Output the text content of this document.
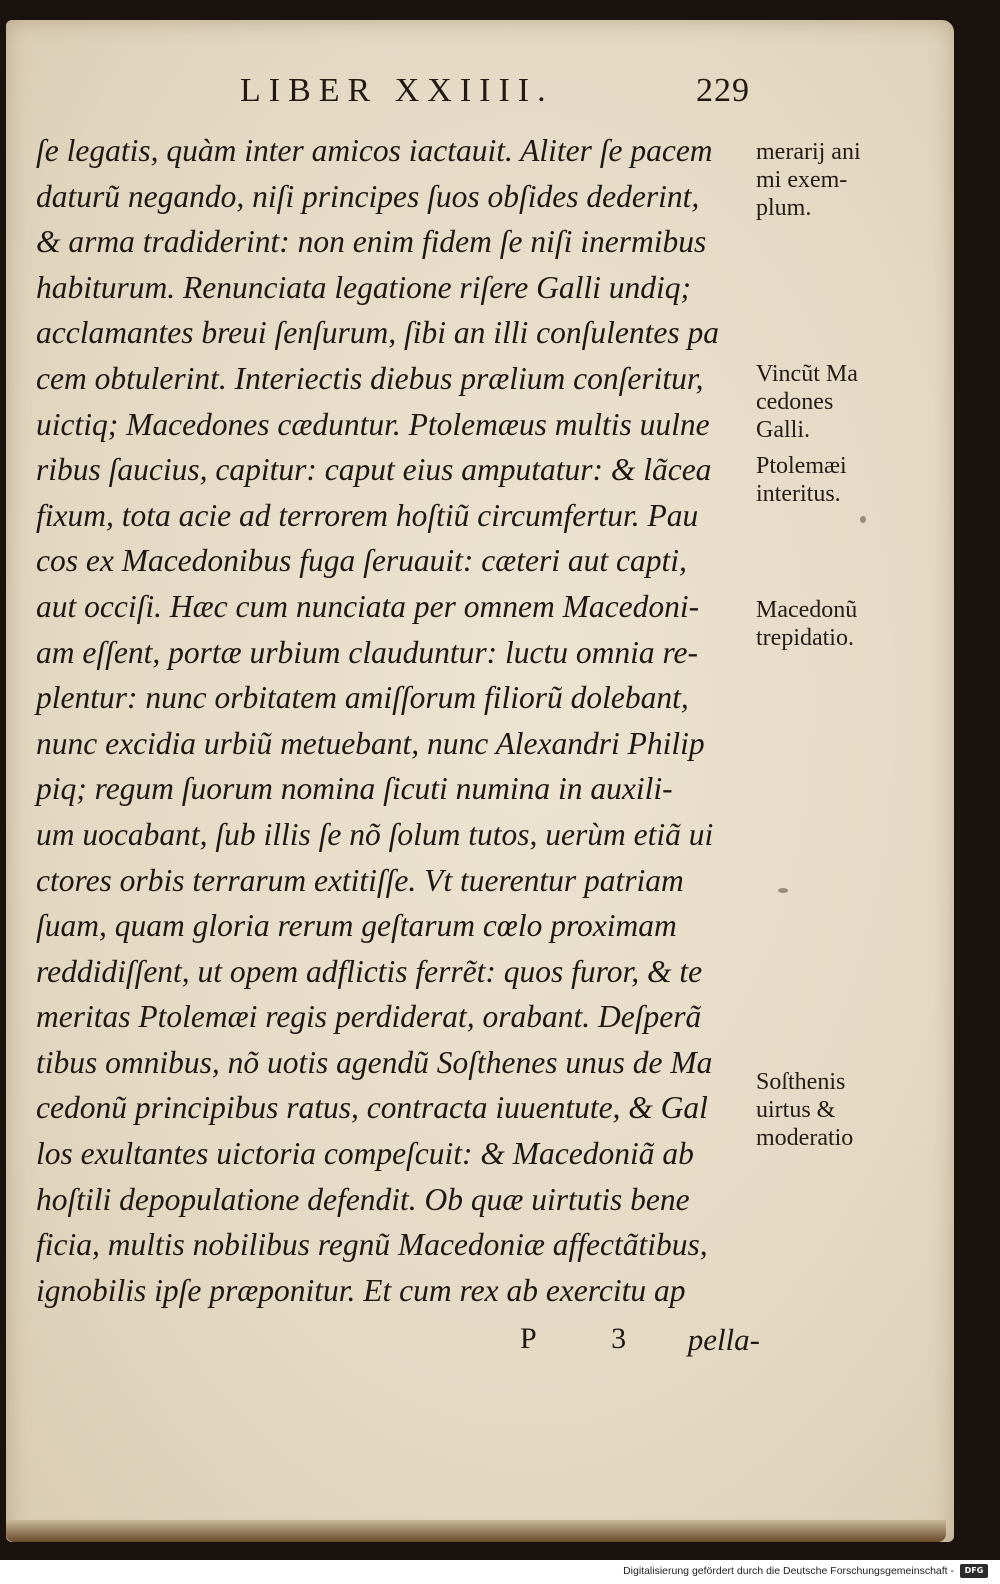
LIBER XXIIII.	229
ſe legatis, quàm inter amicos iactauit. Aliter ſe pacem
daturũ negando, niſi principes ſuos obſides dederint,
& arma tradiderint: non enim fidem ſe niſi inermibus
habiturum. Renunciata legatione riſere Galli undiq;
acclamantes breui ſenſurum, ſibi an illi conſulentes pa
cem obtulerint. Interiectis diebus prælium conſeritur,
uictiq; Macedones cæduntur. Ptolemæus multis uulne
ribus ſaucius, capitur: caput eius amputatur: & lãcea
fixum, tota acie ad terrorem hoſtiũ circumfertur. Pau
cos ex Macedonibus fuga ſeruauit: cæteri aut capti,
aut occiſi. Hæc cum nunciata per omnem Macedoni-
am eſſent, portæ urbium clauduntur: luctu omnia re-
plentur: nunc orbitatem amiſſorum filiorũ dolebant,
nunc excidia urbiũ metuebant, nunc Alexandri Philip
piq; regum ſuorum nomina ſicuti numina in auxili-
um uocabant, ſub illis ſe nõ ſolum tutos, uerùm etiã ui
ctores orbis terrarum extitiſſe. Vt tuerentur patriam
ſuam, quam gloria rerum geſtarum cœlo proximam
reddidiſſent, ut opem adflictis ferrẽt: quos furor, & te
meritas Ptolemæi regis perdiderat, orabant. Deſperã
tibus omnibus, nõ uotis agendũ Soſthenes unus de Ma
cedonũ principibus ratus, contracta iuuentute, & Gal
los exultantes uictoria compeſcuit: & Macedoniã ab
hoſtili depopulatione defendit. Ob quæ uirtutis bene
ficia, multis nobilibus regnũ Macedoniæ affectãtibus,
ignobilis ipſe præponitur. Et cum rex ab exercitu ap
merarij ani
mi exem-
plum.
Vincũt Ma
cedones
Galli.
Ptolemæi
interitus.
Macedonũ
trepidatio.
Soſthenis
uirtus &
moderatio
P 3 pella-
Digitalisierung gefördert durch die Deutsche Forschungsgemeinschaft -	DFG
